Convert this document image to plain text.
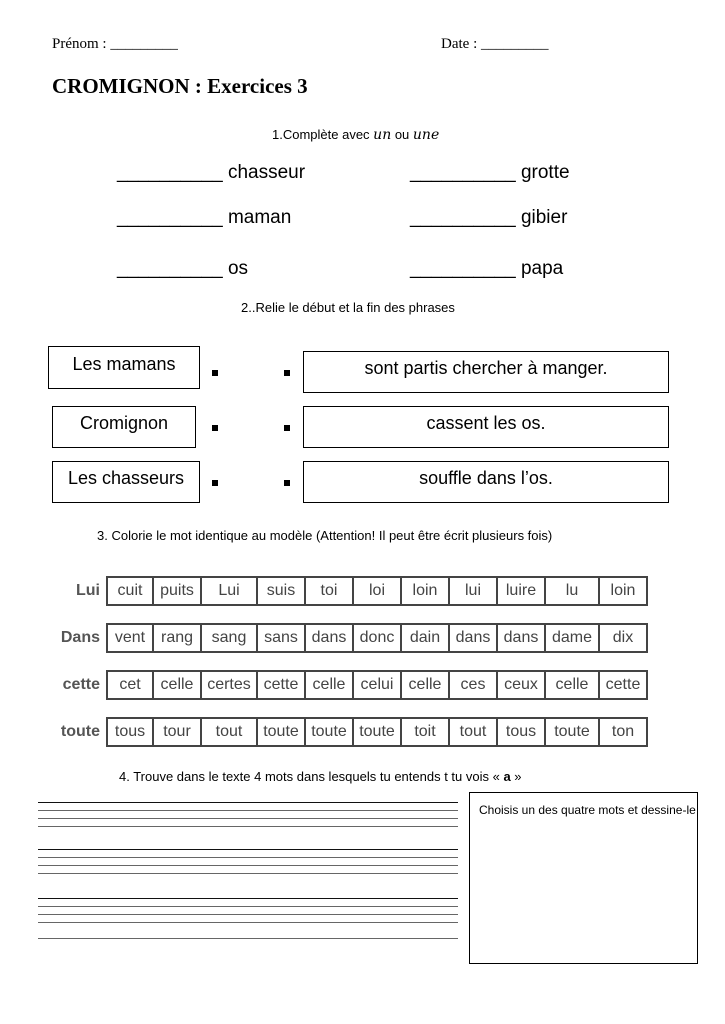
Prénom : _________	Date : _________
CROMIGNON : Exercices 3
1.Complète avec un ou une
__________ chasseur	__________ grotte
__________ maman	__________ gibier
__________ os	__________ papa
2..Relie le début et la fin des phrases
Les mamans	sont partis chercher à manger.
Cromignon	cassent les os.
Les chasseurs	souffle dans l’os.
3. Colorie le mot identique au modèle (Attention! Il peut être écrit plusieurs fois)
Lui	cuit	puits	Lui	suis	toi	loi	loin	lui	luire	lu	loin

Dans	vent	rang	sang	sans	dans	donc	dain	dans	dans	dame	dix

cette	cet	celle	certes	cette	celle	celui	celle	ces	ceux	celle	cette

toute	tous	tour	tout	toute	toute	toute	toit	tout	tous	toute	ton
4. Trouve dans le texte 4 mots dans lesquels tu entends t tu vois « a »
Choisis un des quatre mots et dessine-le
